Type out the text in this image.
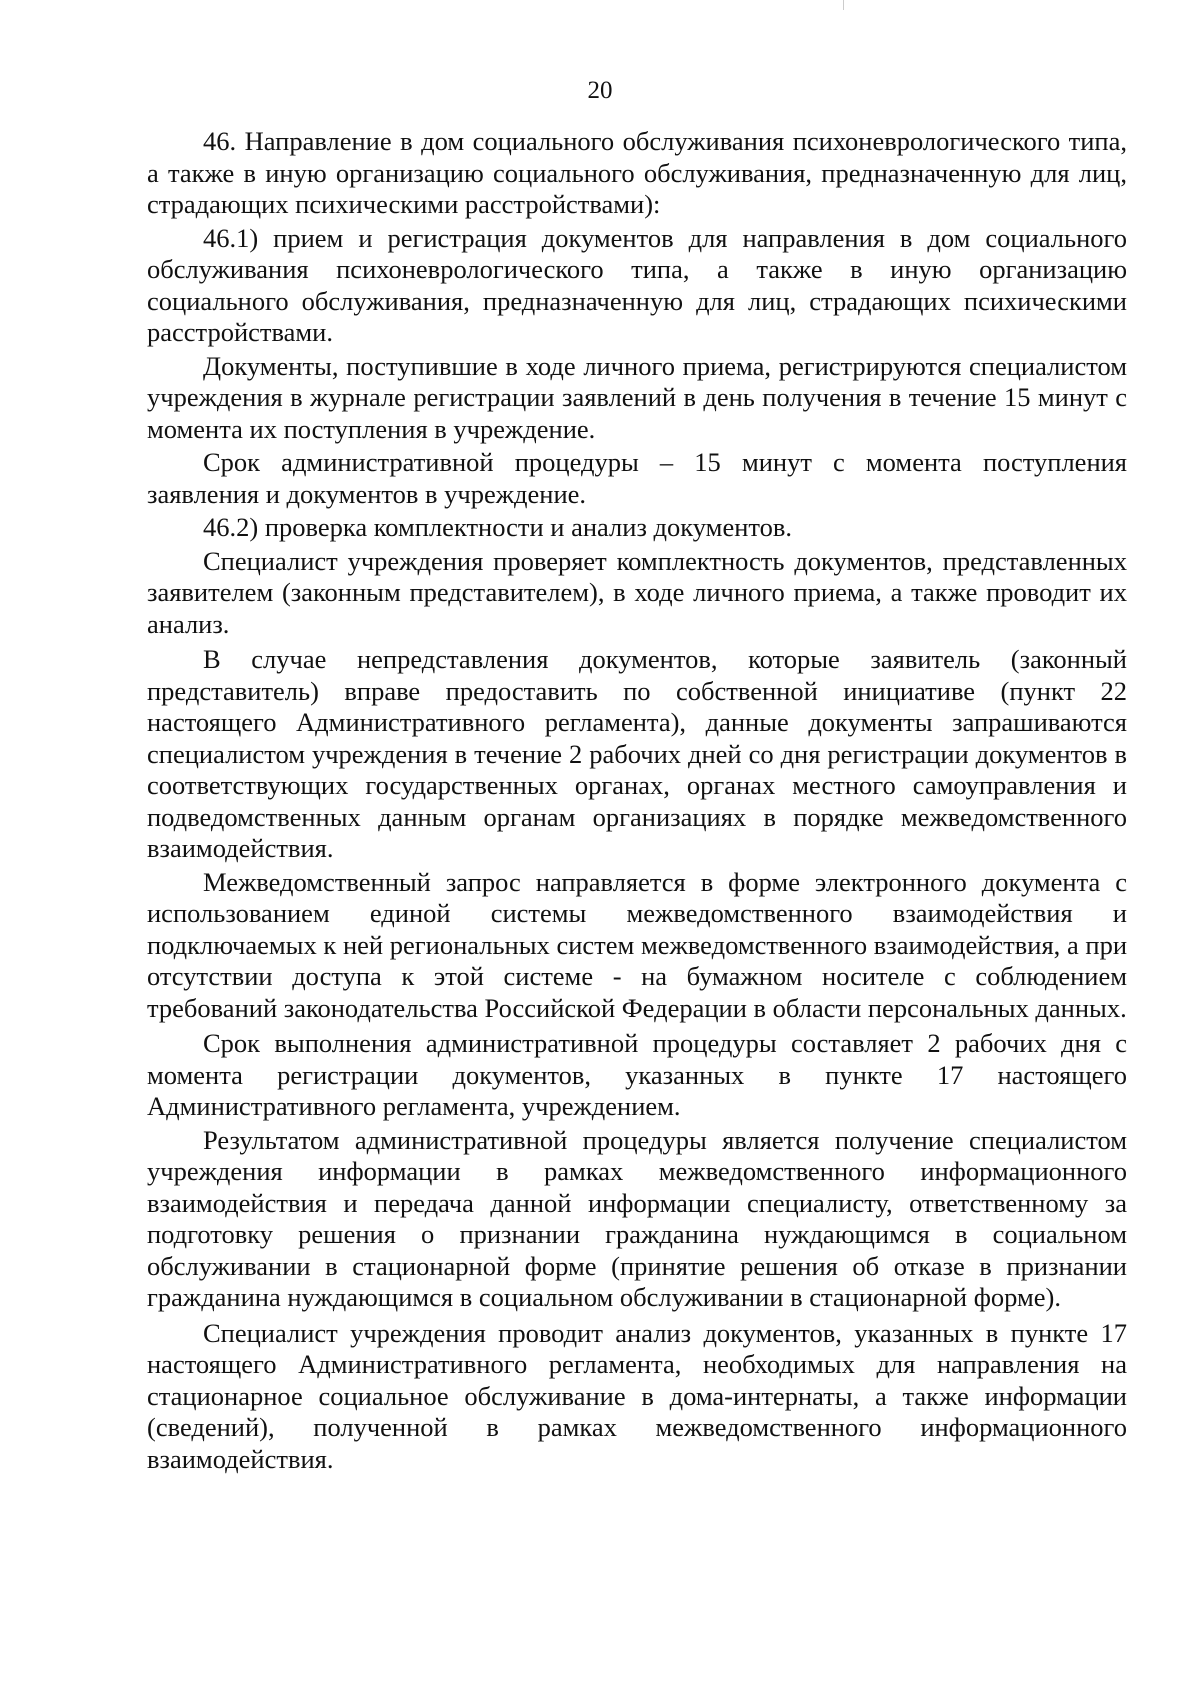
20

46. Направление в дом социального обслуживания психоневрологического типа, а также в иную организацию социального обслуживания, предназначенную для лиц, страдающих психическими расстройствами):

46.1) прием и регистрация документов для направления в дом социального обслуживания психоневрологического типа, а также в иную организацию социального обслуживания, предназначенную для лиц, страдающих психическими расстройствами.

Документы, поступившие в ходе личного приема, регистрируются специалистом учреждения в журнале регистрации заявлений в день получения в течение 15 минут с момента их поступления в учреждение.

Срок административной процедуры – 15 минут с момента поступления заявления и документов в учреждение.

46.2) проверка комплектности и анализ документов.

Специалист учреждения проверяет комплектность документов, представленных заявителем (законным представителем), в ходе личного приема, а также проводит их анализ.

В случае непредставления документов, которые заявитель (законный представитель) вправе предоставить по собственной инициативе (пункт 22 настоящего Административного регламента), данные документы запрашиваются специалистом учреждения в течение 2 рабочих дней со дня регистрации документов в соответствующих государственных органах, органах местного самоуправления и подведомственных данным органам организациях в порядке межведомственного взаимодействия.

Межведомственный запрос направляется в форме электронного документа с использованием единой системы межведомственного взаимодействия и подключаемых к ней региональных систем межведомственного взаимодействия, а при отсутствии доступа к этой системе - на бумажном носителе с соблюдением требований законодательства Российской Федерации в области персональных данных.

Срок выполнения административной процедуры составляет 2 рабочих дня с момента регистрации документов, указанных в пункте 17 настоящего Административного регламента, учреждением.

Результатом административной процедуры является получение специалистом учреждения информации в рамках межведомственного информационного взаимодействия и передача данной информации специалисту, ответственному за подготовку решения о признании гражданина нуждающимся в социальном обслуживании в стационарной форме (принятие решения об отказе в признании гражданина нуждающимся в социальном обслуживании в стационарной форме).

Специалист учреждения проводит анализ документов, указанных в пункте 17 настоящего Административного регламента, необходимых для направления на стационарное социальное обслуживание в дома-интернаты, а также информации (сведений), полученной в рамках межведомственного информационного взаимодействия.
